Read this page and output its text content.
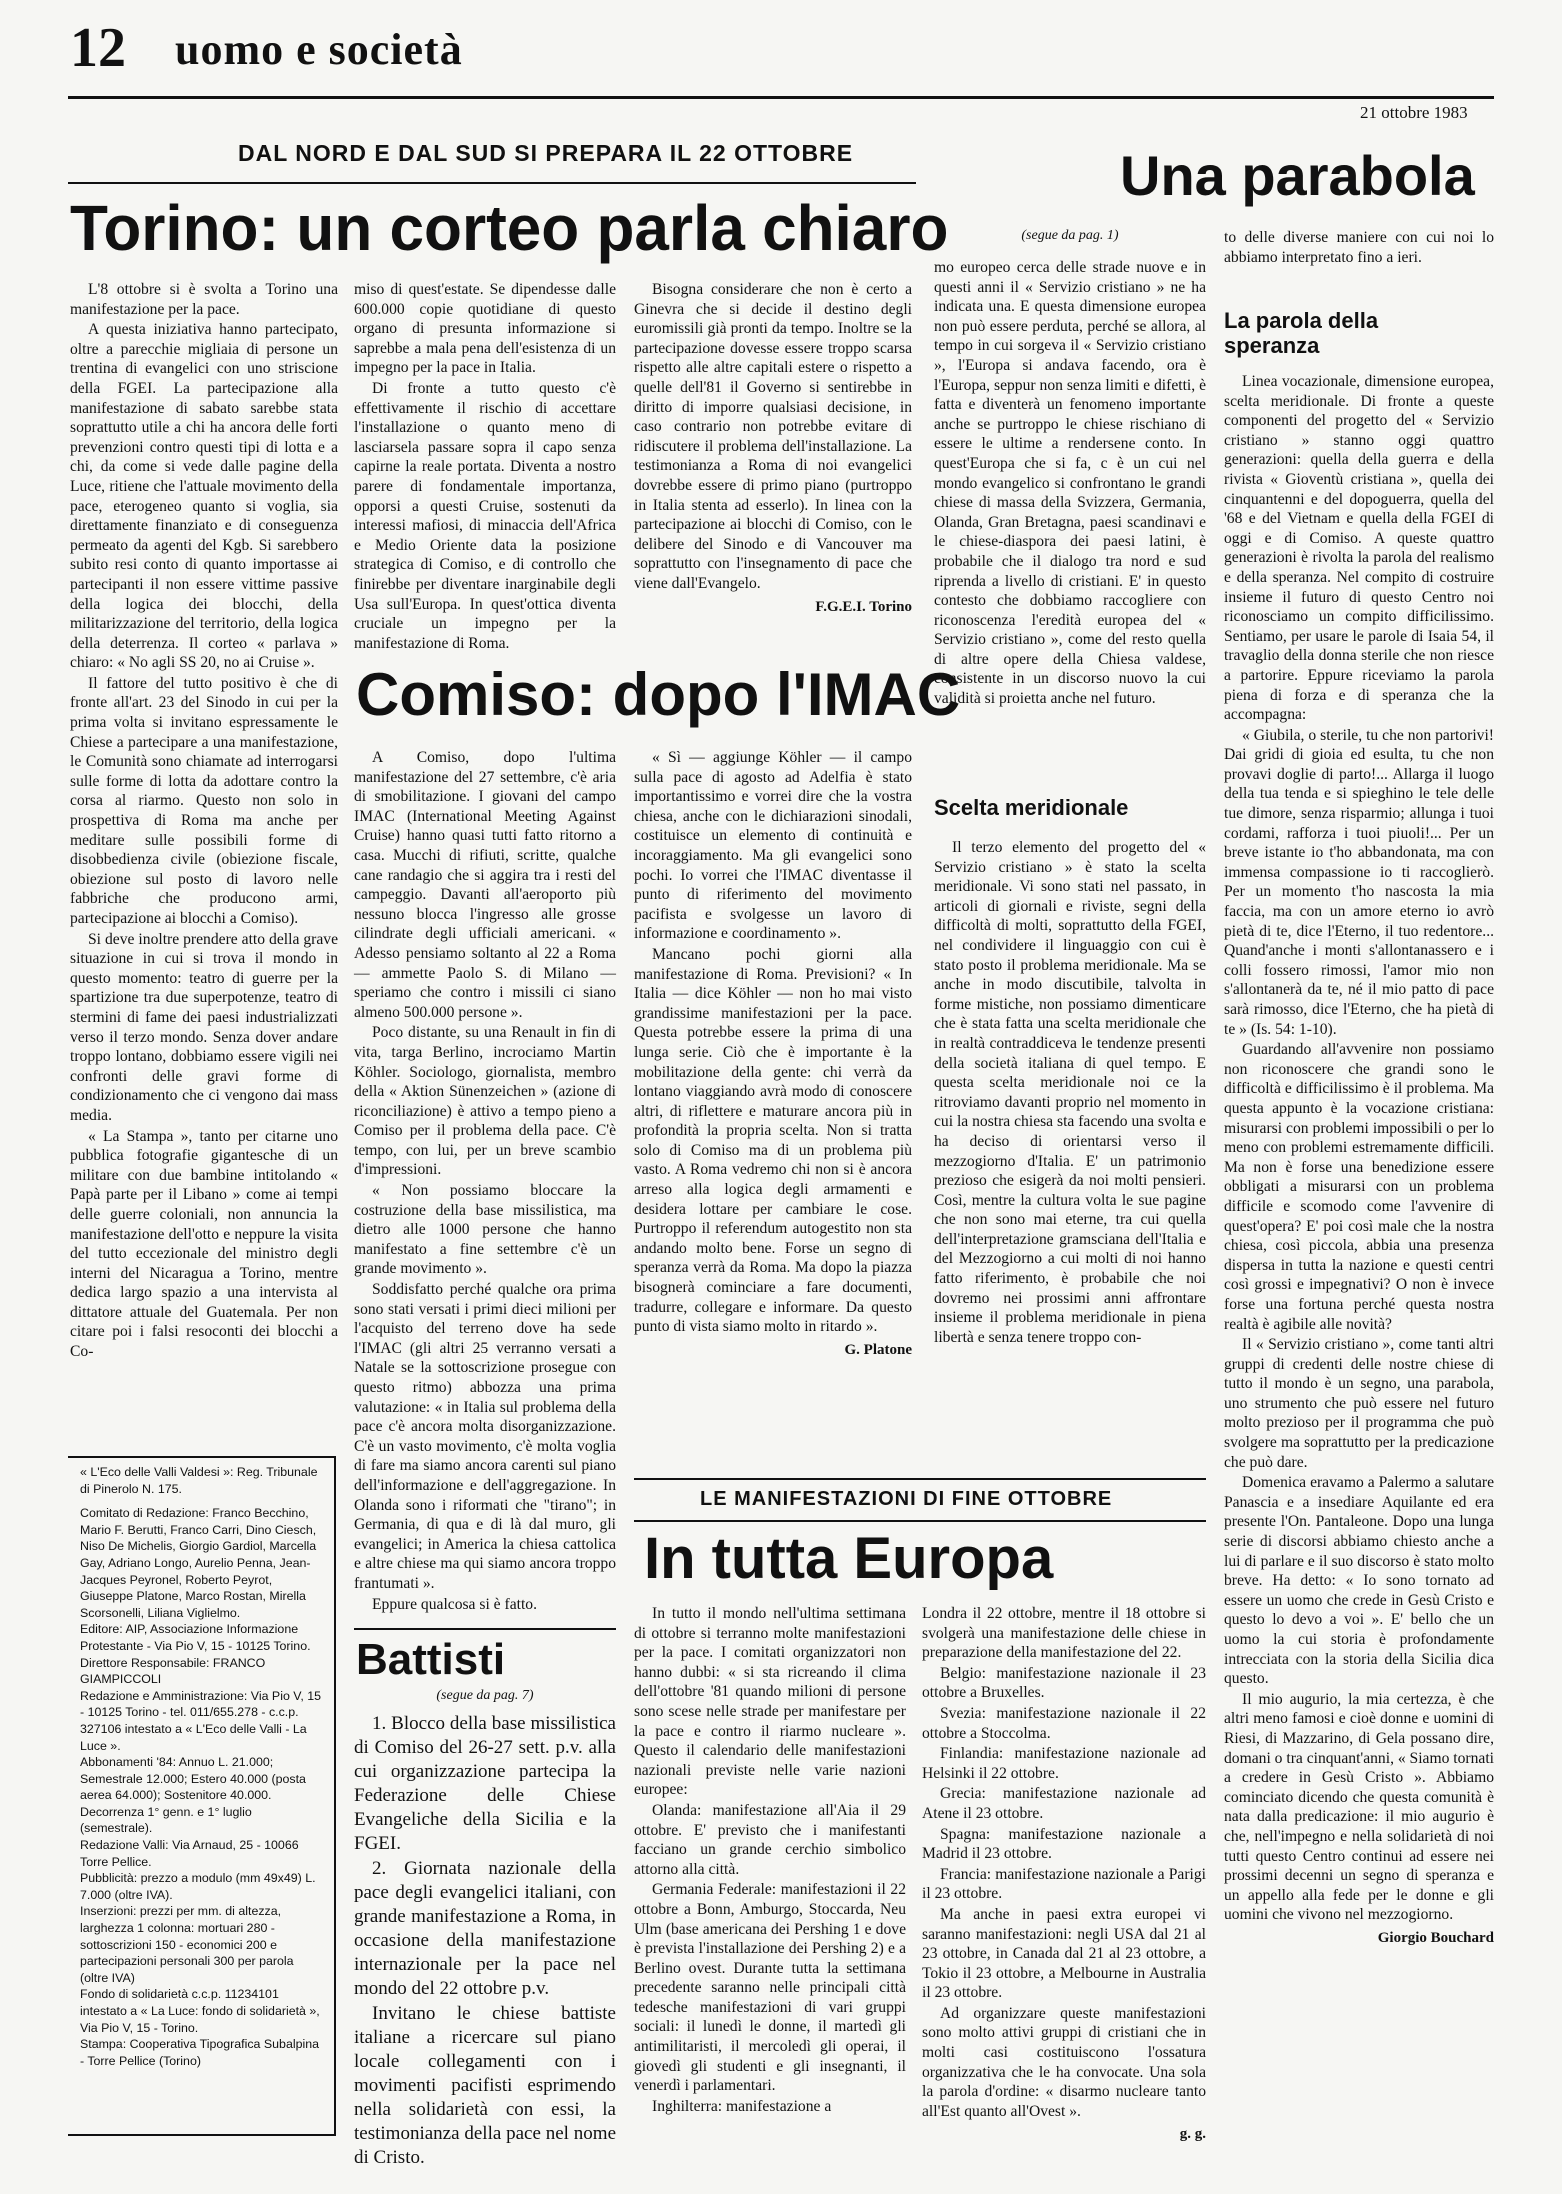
12 uomo e società
21 ottobre 1983
DAL NORD E DAL SUD SI PREPARA IL 22 OTTOBRE
Torino: un corteo parla chiaro

L'8 ottobre si è svolta a Torino una manifestazione per la pace.

A questa iniziativa hanno partecipato, oltre a parecchie migliaia di persone un trentina di evangelici con uno striscione della FGEI. La partecipazione alla manifestazione di sabato sarebbe stata soprattutto utile a chi ha ancora delle forti prevenzioni contro questi tipi di lotta e a chi, da come si vede dalle pagine della Luce, ritiene che l'attuale movimento della pace, eterogeneo quanto si voglia, sia direttamente finanziato e di conseguenza permeato da agenti del Kgb. Si sarebbero subito resi conto di quanto importasse ai partecipanti il non essere vittime passive della logica dei blocchi, della militarizzazione del territorio, della logica della deterrenza. Il corteo « parlava » chiaro: « No agli SS 20, no ai Cruise ».

Il fattore del tutto positivo è che di fronte all'art. 23 del Sinodo in cui per la prima volta si invitano espressamente le Chiese a partecipare a una manifestazione, le Comunità sono chiamate ad interrogarsi sulle forme di lotta da adottare contro la corsa al riarmo. Questo non solo in prospettiva di Roma ma anche per meditare sulle possibili forme di disobbedienza civile (obiezione fiscale, obiezione sul posto di lavoro nelle fabbriche che producono armi, partecipazione ai blocchi a Comiso).

Si deve inoltre prendere atto della grave situazione in cui si trova il mondo in questo momento: teatro di guerre per la spartizione tra due superpotenze, teatro di stermini di fame dei paesi industrializzati verso il terzo mondo. Senza dover andare troppo lontano, dobbiamo essere vigili nei confronti delle gravi forme di condizionamento che ci vengono dai mass media.

« La Stampa », tanto per citarne uno pubblica fotografie gigantesche di un militare con due bambine intitolando « Papà parte per il Libano » come ai tempi delle guerre coloniali, non annuncia la manifestazione dell'otto e neppure la visita del tutto eccezionale del ministro degli interni del Nicaragua a Torino, mentre dedica largo spazio a una intervista al dittatore attuale del Guatemala. Per non citare poi i falsi resoconti dei blocchi a Co-

miso di quest'estate. Se dipendesse dalle 600.000 copie quotidiane di questo organo di presunta informazione si saprebbe a mala pena dell'esistenza di un impegno per la pace in Italia.

Di fronte a tutto questo c'è effettivamente il rischio di accettare l'installazione o quanto meno di lasciarsela passare sopra il capo senza capirne la reale portata. Diventa a nostro parere di fondamentale importanza, opporsi a questi Cruise, sostenuti da interessi mafiosi, di minaccia dell'Africa e Medio Oriente data la posizione strategica di Comiso, e di controllo che finirebbe per diventare inarginabile degli Usa sull'Europa. In quest'ottica diventa cruciale un impegno per la manifestazione di Roma.

Bisogna considerare che non è certo a Ginevra che si decide il destino degli euromissili già pronti da tempo. Inoltre se la partecipazione dovesse essere troppo scarsa rispetto alle altre capitali estere o rispetto a quelle dell'81 il Governo si sentirebbe in diritto di imporre qualsiasi decisione, in caso contrario non potrebbe evitare di ridiscutere il problema dell'installazione. La testimonianza a Roma di noi evangelici dovrebbe essere di primo piano (purtroppo in Italia stenta ad esserlo). In linea con la partecipazione ai blocchi di Comiso, con le delibere del Sinodo e di Vancouver ma soprattutto con l'insegnamento di pace che viene dall'Evangelo.

F.G.E.I. Torino

Comiso: dopo l'IMAC

A Comiso, dopo l'ultima manifestazione del 27 settembre, c'è aria di smobilitazione. I giovani del campo IMAC (International Meeting Against Cruise) hanno quasi tutti fatto ritorno a casa. Mucchi di rifiuti, scritte, qualche cane randagio che si aggira tra i resti del campeggio. Davanti all'aeroporto più nessuno blocca l'ingresso alle grosse cilindrate degli ufficiali americani. « Adesso pensiamo soltanto al 22 a Roma — ammette Paolo S. di Milano — speriamo che contro i missili ci siano almeno 500.000 persone ».

Poco distante, su una Renault in fin di vita, targa Berlino, incrociamo Martin Köhler. Sociologo, giornalista, membro della « Aktion Sünenzeichen » (azione di riconciliazione) è attivo a tempo pieno a Comiso per il problema della pace. C'è tempo, con lui, per un breve scambio d'impressioni.

« Non possiamo bloccare la costruzione della base missilistica, ma dietro alle 1000 persone che hanno manifestato a fine settembre c'è un grande movimento ».

Soddisfatto perché qualche ora prima sono stati versati i primi dieci milioni per l'acquisto del terreno dove ha sede l'IMAC (gli altri 25 verranno versati a Natale se la sottoscrizione prosegue con questo ritmo) abbozza una prima valutazione: « in Italia sul problema della pace c'è ancora molta disorganizzazione. C'è un vasto movimento, c'è molta voglia di fare ma siamo ancora carenti sul piano dell'informazione e dell'aggregazione. In Olanda sono i riformati che "tirano"; in Germania, di qua e di là dal muro, gli evangelici; in America la chiesa cattolica e altre chiese ma qui siamo ancora troppo frantumati ».

Eppure qualcosa si è fatto.

« Sì — aggiunge Köhler — il campo sulla pace di agosto ad Adelfia è stato importantissimo e vorrei dire che la vostra chiesa, anche con le dichiarazioni sinodali, costituisce un elemento di continuità e incoraggiamento. Ma gli evangelici sono pochi. Io vorrei che l'IMAC diventasse il punto di riferimento del movimento pacifista e svolgesse un lavoro di informazione e coordinamento ».

Mancano pochi giorni alla manifestazione di Roma. Previsioni? « In Italia — dice Köhler — non ho mai visto grandissime manifestazioni per la pace. Questa potrebbe essere la prima di una lunga serie. Ciò che è importante è la mobilitazione della gente: chi verrà da lontano viaggiando avrà modo di conoscere altri, di riflettere e maturare ancora più in profondità la propria scelta. Non si tratta solo di Comiso ma di un problema più vasto. A Roma vedremo chi non si è ancora arreso alla logica degli armamenti e desidera lottare per cambiare le cose. Purtroppo il referendum autogestito non sta andando molto bene. Forse un segno di speranza verrà da Roma. Ma dopo la piazza bisognerà cominciare a fare documenti, tradurre, collegare e informare. Da questo punto di vista siamo molto in ritardo ».

G. Platone

Una parabola
(segue da pag. 1)

mo europeo cerca delle strade nuove e in questi anni il « Servizio cristiano » ne ha indicata una. E questa dimensione europea non può essere perduta, perché se allora, al tempo in cui sorgeva il « Servizio cristiano », l'Europa si andava facendo, ora è l'Europa, seppur non senza limiti e difetti, è fatta e diventerà un fenomeno importante anche se purtroppo le chiese rischiano di essere le ultime a rendersene conto. In quest'Europa che si fa, c è un cui nel mondo evangelico si confrontano le grandi chiese di massa della Svizzera, Germania, Olanda, Gran Bretagna, paesi scandinavi e le chiese-diaspora dei paesi latini, è probabile che il dialogo tra nord e sud riprenda a livello di cristiani. E' in questo contesto che dobbiamo raccogliere con riconoscenza l'eredità europea del « Servizio cristiano », come del resto quella di altre opere della Chiesa valdese, consistente in un discorso nuovo la cui validità si proietta anche nel futuro.

Scelta meridionale

Il terzo elemento del progetto del « Servizio cristiano » è stato la scelta meridionale. Vi sono stati nel passato, in articoli di giornali e riviste, segni della difficoltà di molti, soprattutto della FGEI, nel condividere il linguaggio con cui è stato posto il problema meridionale. Ma se anche in modo discutibile, talvolta in forme mistiche, non possiamo dimenticare che è stata fatta una scelta meridionale che in realtà contraddiceva le tendenze presenti della società italiana di quel tempo. E questa scelta meridionale noi ce la ritroviamo davanti proprio nel momento in cui la nostra chiesa sta facendo una svolta e ha deciso di orientarsi verso il mezzogiorno d'Italia. E' un patrimonio prezioso che esigerà da noi molti pensieri. Così, mentre la cultura volta le sue pagine che non sono mai eterne, tra cui quella dell'interpretazione gramsciana dell'Italia e del Mezzogiorno a cui molti di noi hanno fatto riferimento, è probabile che noi dovremo nei prossimi anni affrontare insieme il problema meridionale in piena libertà e senza tenere troppo con-

to delle diverse maniere con cui noi lo abbiamo interpretato fino a ieri.

La parola della speranza

Linea vocazionale, dimensione europea, scelta meridionale. Di fronte a queste componenti del progetto del « Servizio cristiano » stanno oggi quattro generazioni: quella della guerra e della rivista « Gioventù cristiana », quella dei cinquantenni e del dopoguerra, quella del '68 e del Vietnam e quella della FGEI di oggi e di Comiso. A queste quattro generazioni è rivolta la parola del realismo e della speranza. Nel compito di costruire insieme il futuro di questo Centro noi riconosciamo un compito difficilissimo. Sentiamo, per usare le parole di Isaia 54, il travaglio della donna sterile che non riesce a partorire. Eppure riceviamo la parola piena di forza e di speranza che la accompagna:

« Giubila, o sterile, tu che non partorivi! Dai gridi di gioia ed esulta, tu che non provavi doglie di parto!... Allarga il luogo della tua tenda e si spieghino le tele delle tue dimore, senza risparmio; allunga i tuoi cordami, rafforza i tuoi piuoli!... Per un breve istante io t'ho abbandonata, ma con immensa compassione io ti raccoglierò. Per un momento t'ho nascosta la mia faccia, ma con un amore eterno io avrò pietà di te, dice l'Eterno, il tuo redentore... Quand'anche i monti s'allontanassero e i colli fossero rimossi, l'amor mio non s'allontanerà da te, né il mio patto di pace sarà rimosso, dice l'Eterno, che ha pietà di te » (Is. 54: 1-10).

Guardando all'avvenire non possiamo non riconoscere che grandi sono le difficoltà e difficilissimo è il problema. Ma questa appunto è la vocazione cristiana: misurarsi con problemi impossibili o per lo meno con problemi estremamente difficili. Ma non è forse una benedizione essere obbligati a misurarsi con un problema difficile e scomodo come l'avvenire di quest'opera? E' poi così male che la nostra chiesa, così piccola, abbia una presenza dispersa in tutta la nazione e questi centri così grossi e impegnativi? O non è invece forse una fortuna perché questa nostra realtà è agibile alle novità?

Il « Servizio cristiano », come tanti altri gruppi di credenti delle nostre chiese di tutto il mondo è un segno, una parabola, uno strumento che può essere nel futuro molto prezioso per il programma che può svolgere ma soprattutto per la predicazione che può dare.

Domenica eravamo a Palermo a salutare Panascia e a insediare Aquilante ed era presente l'On. Pantaleone. Dopo una lunga serie di discorsi abbiamo chiesto anche a lui di parlare e il suo discorso è stato molto breve. Ha detto: « Io sono tornato ad essere un uomo che crede in Gesù Cristo e questo lo devo a voi ». E' bello che un uomo la cui storia è profondamente intrecciata con la storia della Sicilia dica questo.

Il mio augurio, la mia certezza, è che altri meno famosi e cioè donne e uomini di Riesi, di Mazzarino, di Gela possano dire, domani o tra cinquant'anni, « Siamo tornati a credere in Gesù Cristo ». Abbiamo cominciato dicendo che questa comunità è nata dalla predicazione: il mio augurio è che, nell'impegno e nella solidarietà di noi tutti questo Centro continui ad essere nei prossimi decenni un segno di speranza e un appello alla fede per le donne e gli uomini che vivono nel mezzogiorno.

Giorgio Bouchard

« L'Eco delle Valli Valdesi »: Reg. Tribunale di Pinerolo N. 175.

Comitato di Redazione: Franco Becchino, Mario F. Berutti, Franco Carri, Dino Ciesch, Niso De Michelis, Giorgio Gardiol, Marcella Gay, Adriano Longo, Aurelio Penna, Jean-Jacques Peyronel, Roberto Peyrot, Giuseppe Platone, Marco Rostan, Mirella Scorsonelli, Liliana Viglielmo.

Editore: AIP, Associazione Informazione Protestante - Via Pio V, 15 - 10125 Torino.

Direttore Responsabile: FRANCO GIAMPICCOLI

Redazione e Amministrazione: Via Pio V, 15 - 10125 Torino - tel. 011/655.278 - c.c.p. 327106 intestato a « L'Eco delle Valli - La Luce ».

Abbonamenti '84: Annuo L. 21.000; Semestrale 12.000; Estero 40.000 (posta aerea 64.000); Sostenitore 40.000. Decorrenza 1° genn. e 1° luglio (semestrale).

Redazione Valli: Via Arnaud, 25 - 10066 Torre Pellice.

Pubblicità: prezzo a modulo (mm 49x49) L. 7.000 (oltre IVA).

Inserzioni: prezzi per mm. di altezza, larghezza 1 colonna: mortuari 280 - sottoscrizioni 150 - economici 200 e partecipazioni personali 300 per parola (oltre IVA)

Fondo di solidarietà c.c.p. 11234101 intestato a « La Luce: fondo di solidarietà », Via Pio V, 15 - Torino.

Stampa: Cooperativa Tipografica Subalpina - Torre Pellice (Torino)

Battisti
(segue da pag. 7)

1. Blocco della base missilistica di Comiso del 26-27 sett. p.v. alla cui organizzazione partecipa la Federazione delle Chiese Evangeliche della Sicilia e la FGEI.

2. Giornata nazionale della pace degli evangelici italiani, con grande manifestazione a Roma, in occasione della manifestazione internazionale per la pace nel mondo del 22 ottobre p.v.

Invitano le chiese battiste italiane a ricercare sul piano locale collegamenti con i movimenti pacifisti esprimendo nella solidarietà con essi, la testimonianza della pace nel nome di Cristo.

LE MANIFESTAZIONI DI FINE OTTOBRE
In tutta Europa

In tutto il mondo nell'ultima settimana di ottobre si terranno molte manifestazioni per la pace. I comitati organizzatori non hanno dubbi: « si sta ricreando il clima dell'ottobre '81 quando milioni di persone sono scese nelle strade per manifestare per la pace e contro il riarmo nucleare ». Questo il calendario delle manifestazioni nazionali previste nelle varie nazioni europee:

Olanda: manifestazione all'Aia il 29 ottobre. E' previsto che i manifestanti facciano un grande cerchio simbolico attorno alla città.

Germania Federale: manifestazioni il 22 ottobre a Bonn, Amburgo, Stoccarda, Neu Ulm (base americana dei Pershing 1 e dove è prevista l'installazione dei Pershing 2) e a Berlino ovest. Durante tutta la settimana precedente saranno nelle principali città tedesche manifestazioni di vari gruppi sociali: il lunedì le donne, il martedì gli antimilitaristi, il mercoledì gli operai, il giovedì gli studenti e gli insegnanti, il venerdì i parlamentari.

Inghilterra: manifestazione a

Londra il 22 ottobre, mentre il 18 ottobre si svolgerà una manifestazione delle chiese in preparazione della manifestazione del 22.

Belgio: manifestazione nazionale il 23 ottobre a Bruxelles.

Svezia: manifestazione nazionale il 22 ottobre a Stoccolma.

Finlandia: manifestazione nazionale ad Helsinki il 22 ottobre.

Grecia: manifestazione nazionale ad Atene il 23 ottobre.

Spagna: manifestazione nazionale a Madrid il 23 ottobre.

Francia: manifestazione nazionale a Parigi il 23 ottobre.

Ma anche in paesi extra europei vi saranno manifestazioni: negli USA dal 21 al 23 ottobre, in Canada dal 21 al 23 ottobre, a Tokio il 23 ottobre, a Melbourne in Australia il 23 ottobre.

Ad organizzare queste manifestazioni sono molto attivi gruppi di cristiani che in molti casi costituiscono l'ossatura organizzativa che le ha convocate. Una sola la parola d'ordine: « disarmo nucleare tanto all'Est quanto all'Ovest ».

g. g.
